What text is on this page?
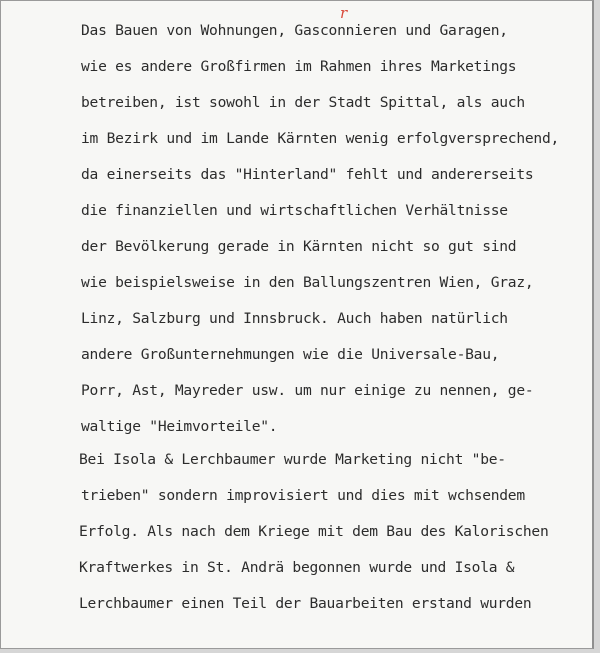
Das Bauen von Wohnungen, Gasconnieren und Garagen,
wie es andere Großfirmen im Rahmen ihres Marketings
betreiben, ist sowohl in der Stadt Spittal, als auch
im Bezirk und im Lande Kärnten wenig erfolgversprechend,
da einerseits das "Hinterland" fehlt und andererseits
die finanziellen und wirtschaftlichen Verhältnisse
der Bevölkerung gerade in Kärnten nicht so gut sind
wie beispielsweise in den Ballungszentren Wien, Graz,
Linz, Salzburg und Innsbruck. Auch haben natürlich
andere Großunternehmungen wie die Universale-Bau,
Porr, Ast, Mayreder usw. um nur einige zu nennen, ge-
waltige "Heimvorteile".
Bei Isola & Lerchbaumer wurde Marketing nicht "be-
trieben" sondern improvisiert und dies mit wchsendem
Erfolg. Als nach dem Kriege mit dem Bau des Kalorischen
Kraftwerkes in St. Andrä begonnen wurde und Isola &
Lerchbaumer einen Teil der Bauarbeiten erstand wurden
r
